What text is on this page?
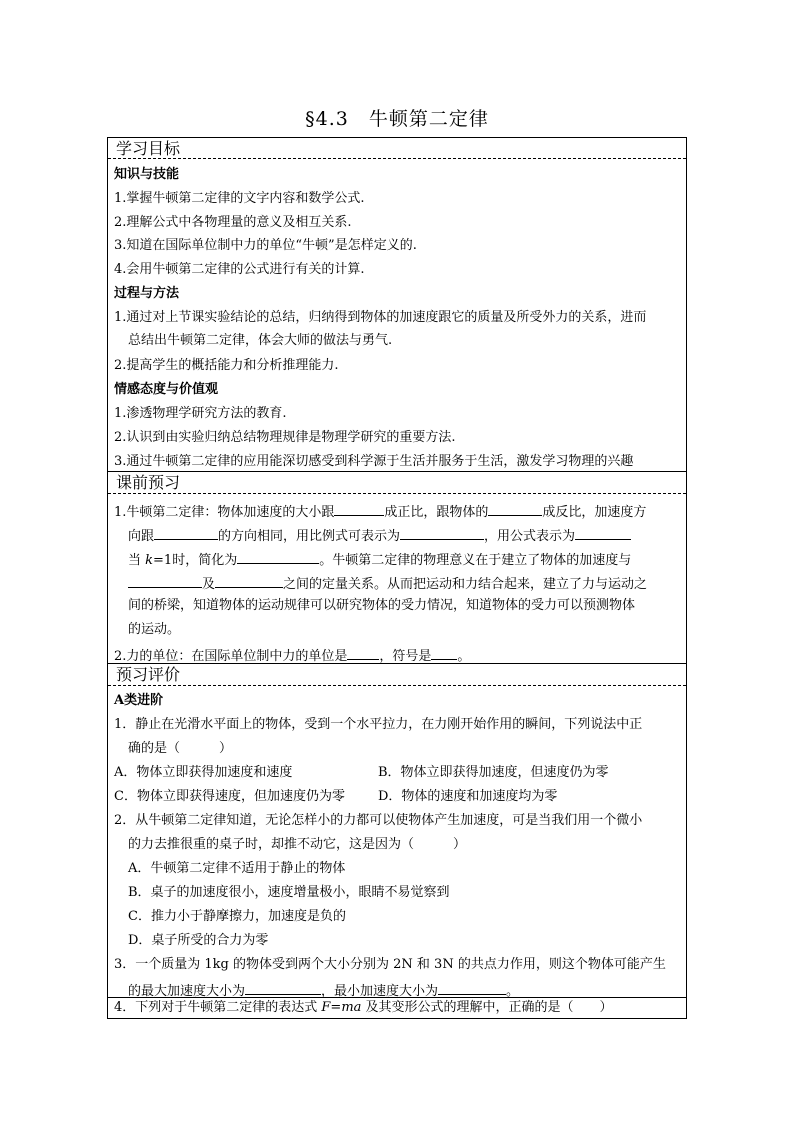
§4.3　牛顿第二定律
学习目标
知识与技能
1.掌握牛顿第二定律的文字内容和数学公式.
2.理解公式中各物理量的意义及相互关系.
3.知道在国际单位制中力的单位“牛顿”是怎样定义的.
4.会用牛顿第二定律的公式进行有关的计算.
过程与方法
1.通过对上节课实验结论的总结，归纳得到物体的加速度跟它的质量及所受外力的关系，进而
总结出牛顿第二定律，体会大师的做法与勇气.
2.提高学生的概括能力和分析推理能力.
情感态度与价值观
1.渗透物理学研究方法的教育.
2.认识到由实验归纳总结物理规律是物理学研究的重要方法.
3.通过牛顿第二定律的应用能深切感受到科学源于生活并服务于生活，激发学习物理的兴趣
课前预习
1.牛顿第二定律：物体加速度的大小跟	成正比，跟物体的	成反比，加速度方
向跟	的方向相同，用比例式可表示为	，用公式表示为
当 k=1时，简化为	。牛顿第二定律的物理意义在于建立了物体的加速度与
及	之间的定量关系。从而把运动和力结合起来，建立了力与运动之
间的桥梁，知道物体的运动规律可以研究物体的受力情况，知道物体的受力可以预测物体
的运动。
2.力的单位：在国际单位制中力的单位是 ，符号是 。
预习评价
A类进阶
1．静止在光滑水平面上的物体，受到一个水平拉力，在力刚开始作用的瞬间，下列说法中正
确的是（　　　）
A．物体立即获得加速度和速度	B．物体立即获得加速度，但速度仍为零
C．物体立即获得速度，但加速度仍为零	D．物体的速度和加速度均为零
2．从牛顿第二定律知道，无论怎样小的力都可以使物体产生加速度，可是当我们用一个微小
的力去推很重的桌子时，却推不动它，这是因为（　　　）
A．牛顿第二定律不适用于静止的物体
B．桌子的加速度很小，速度增量极小，眼睛不易觉察到
C．推力小于静摩擦力，加速度是负的
D．桌子所受的合力为零
3．一个质量为 1kg 的物体受到两个大小分别为 2N 和 3N 的共点力作用，则这个物体可能产生
的最大加速度大小为	，最小加速度大小为	。
4．下列对于牛顿第二定律的表达式 F=ma 及其变形公式的理解中，正确的是（　　）
